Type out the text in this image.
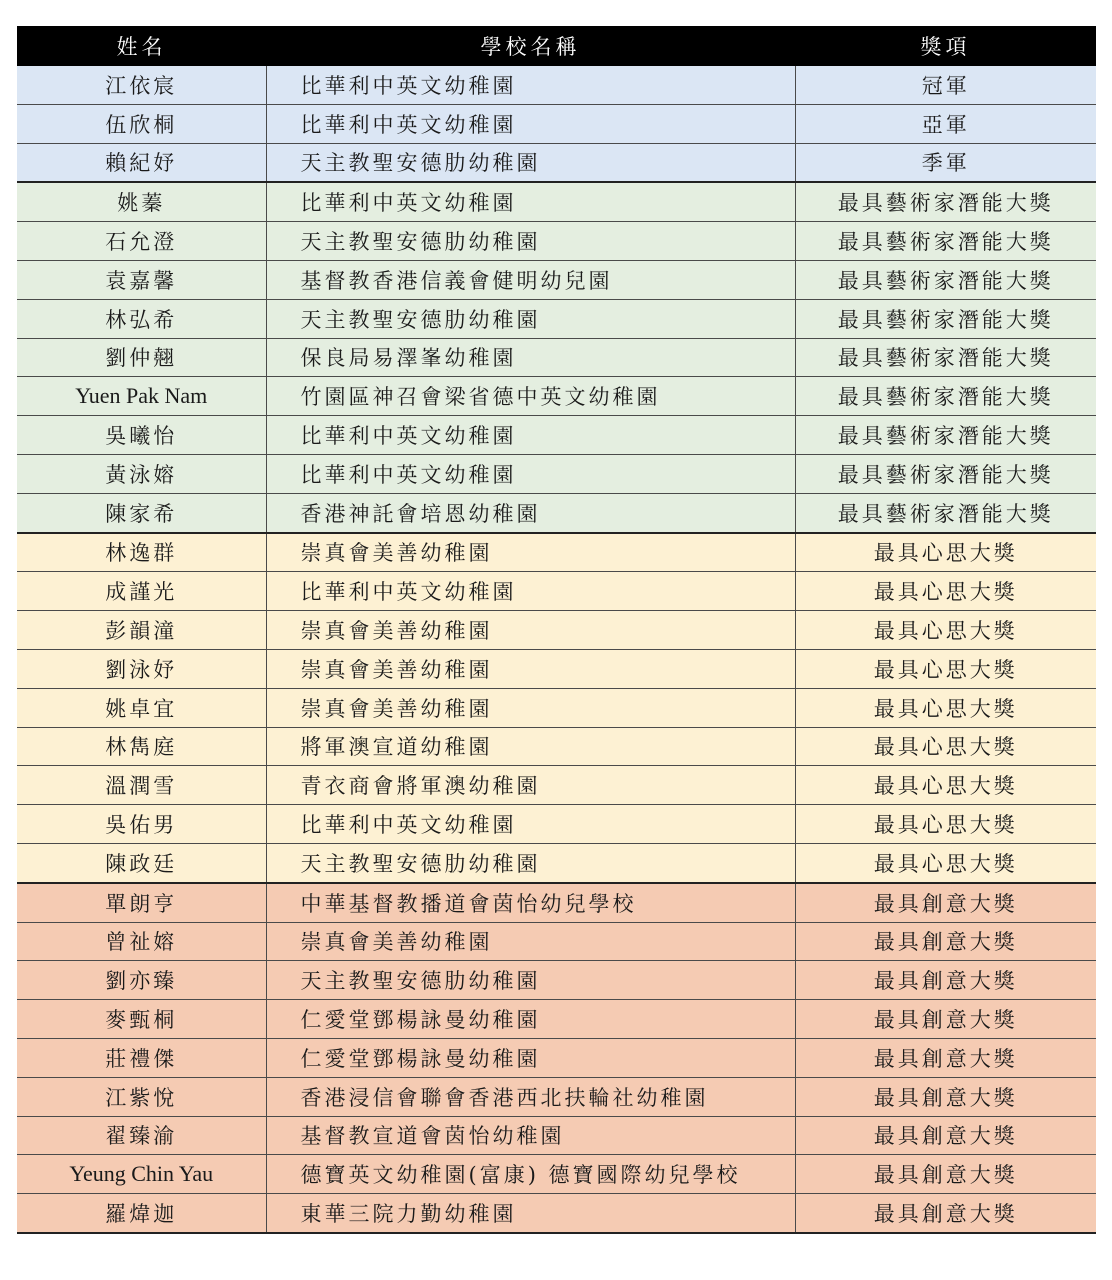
姓名	學校名稱	獎項
江依宸	比華利中英文幼稚園	冠軍
伍欣桐	比華利中英文幼稚園	亞軍
賴紀妤	天主教聖安德肋幼稚園	季軍
姚蓁	比華利中英文幼稚園	最具藝術家潛能大獎
石允澄	天主教聖安德肋幼稚園	最具藝術家潛能大獎
袁嘉馨	基督教香港信義會健明幼兒園	最具藝術家潛能大獎
林弘希	天主教聖安德肋幼稚園	最具藝術家潛能大獎
劉仲翹	保良局易澤峯幼稚園	最具藝術家潛能大獎
Yuen Pak Nam	竹園區神召會梁省德中英文幼稚園	最具藝術家潛能大獎
吳曦怡	比華利中英文幼稚園	最具藝術家潛能大獎
黃泳嫆	比華利中英文幼稚園	最具藝術家潛能大獎
陳家希	香港神託會培恩幼稚園	最具藝術家潛能大獎
林逸群	崇真會美善幼稚園	最具心思大獎
成謹光	比華利中英文幼稚園	最具心思大獎
彭韻潼	崇真會美善幼稚園	最具心思大獎
劉泳妤	崇真會美善幼稚園	最具心思大獎
姚卓宜	崇真會美善幼稚園	最具心思大獎
林雋庭	將軍澳宣道幼稚園	最具心思大獎
溫潤雪	青衣商會將軍澳幼稚園	最具心思大獎
吳佑男	比華利中英文幼稚園	最具心思大獎
陳政廷	天主教聖安德肋幼稚園	最具心思大獎
單朗亨	中華基督教播道會茵怡幼兒學校	最具創意大獎
曾祉嫆	崇真會美善幼稚園	最具創意大獎
劉亦臻	天主教聖安德肋幼稚園	最具創意大獎
麥甄桐	仁愛堂鄧楊詠曼幼稚園	最具創意大獎
莊禮傑	仁愛堂鄧楊詠曼幼稚園	最具創意大獎
江紫悅	香港浸信會聯會香港西北扶輪社幼稚園	最具創意大獎
翟臻渝	基督教宣道會茵怡幼稚園	最具創意大獎
Yeung Chin Yau	德寶英文幼稚園(富康) 德寶國際幼兒學校	最具創意大獎
羅煒迦	東華三院力勤幼稚園	最具創意大獎
